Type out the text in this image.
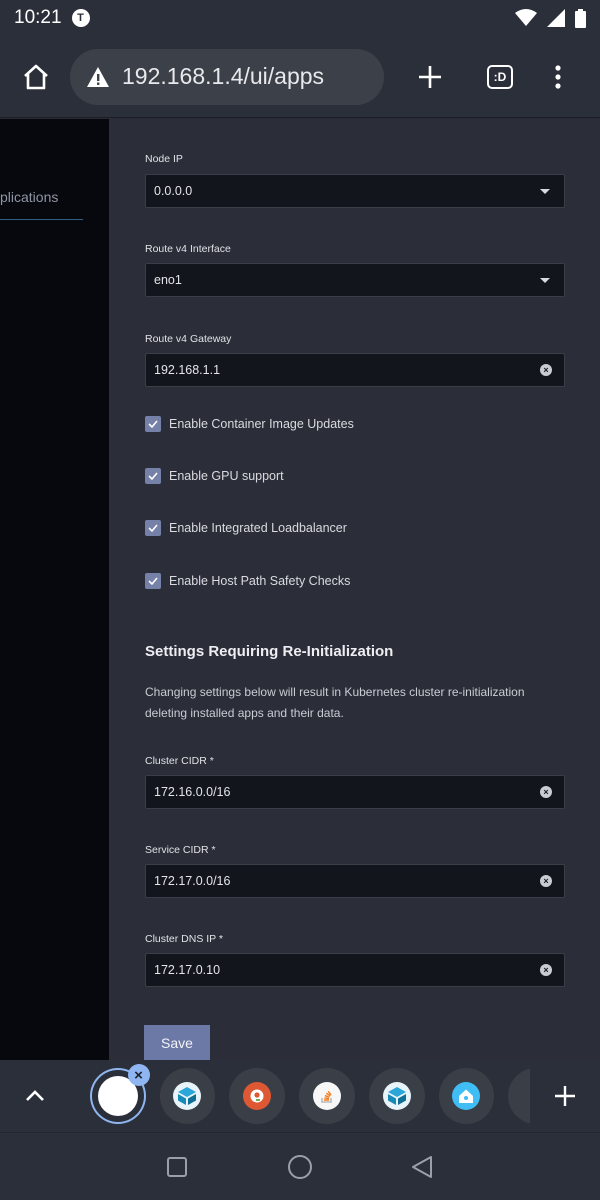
10:21	T
192.168.1.4/ui/apps	:D
plications
Node IP
0.0.0.0
Route v4 Interface
eno1
Route v4 Gateway
192.168.1.1	×
Enable Container Image Updates
Enable GPU support
Enable Integrated Loadbalancer
Enable Host Path Safety Checks
Settings Requiring Re-Initialization
Changing settings below will result in Kubernetes cluster re-initialization deleting installed apps and their data.
Cluster CIDR *
172.16.0.0/16	×
Service CIDR *
172.17.0.0/16	×
Cluster DNS IP *
172.17.0.10	×
Save
×
